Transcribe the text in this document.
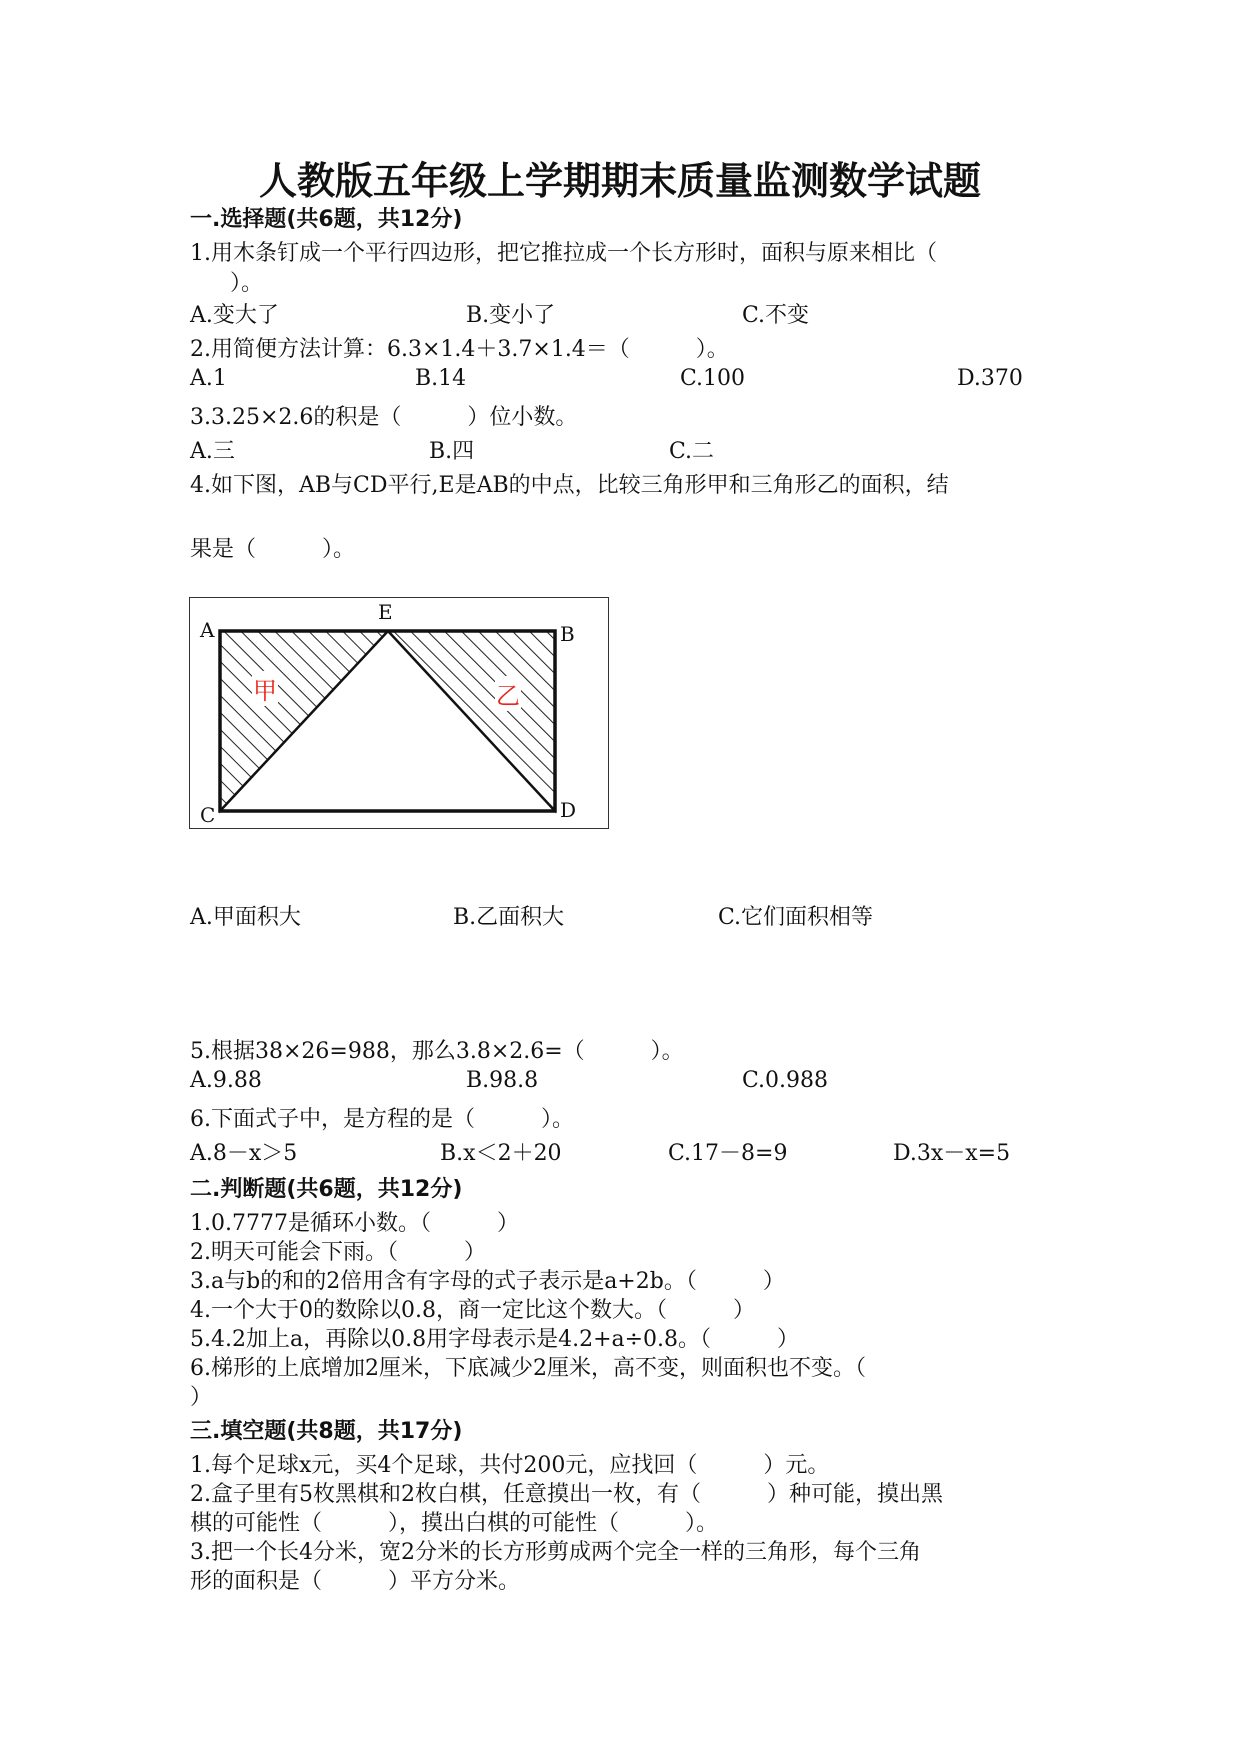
人教版五年级上学期期末质量监测数学试题
一.选择题(共6题，共12分)
1.用木条钉成一个平行四边形，把它推拉成一个长方形时，面积与原来相比（
）。
A.变大了	B.变小了	C.不变
2.用简便方法计算：6.3×1.4＋3.7×1.4＝（　　　）。
A.1	B.14	C.100	D.370
3.3.25×2.6的积是（　　　）位小数。
A.三	B.四	C.二
4.如下图，AB与CD平行,E是AB的中点，比较三角形甲和三角形乙的面积，结
果是（　　　）。
A
E
B
C	D
甲	乙
A.甲面积大	B.乙面积大	C.它们面积相等
5.根据38×26=988，那么3.8×2.6=（　　　）。
A.9.88	B.98.8	C.0.988
6.下面式子中，是方程的是（　　　）。
A.8－x＞5	B.x＜2＋20	C.17－8=9	D.3x－x=5
二.判断题(共6题，共12分)
1.0.7777是循环小数。（　　　）
2.明天可能会下雨。（　　　）
3.a与b的和的2倍用含有字母的式子表示是a+2b。（　　　）
4.一个大于0的数除以0.8，商一定比这个数大。（　　　）
5.4.2加上a，再除以0.8用字母表示是4.2+a÷0.8。（　　　）
6.梯形的上底增加2厘米，下底减少2厘米，高不变，则面积也不变。（
）
三.填空题(共8题，共17分)
1.每个足球x元，买4个足球，共付200元，应找回（　　　）元。
2.盒子里有5枚黑棋和2枚白棋，任意摸出一枚，有（　　　）种可能，摸出黑
棋的可能性（　　　），摸出白棋的可能性（　　　）。
3.把一个长4分米，宽2分米的长方形剪成两个完全一样的三角形，每个三角
形的面积是（　　　）平方分米。
